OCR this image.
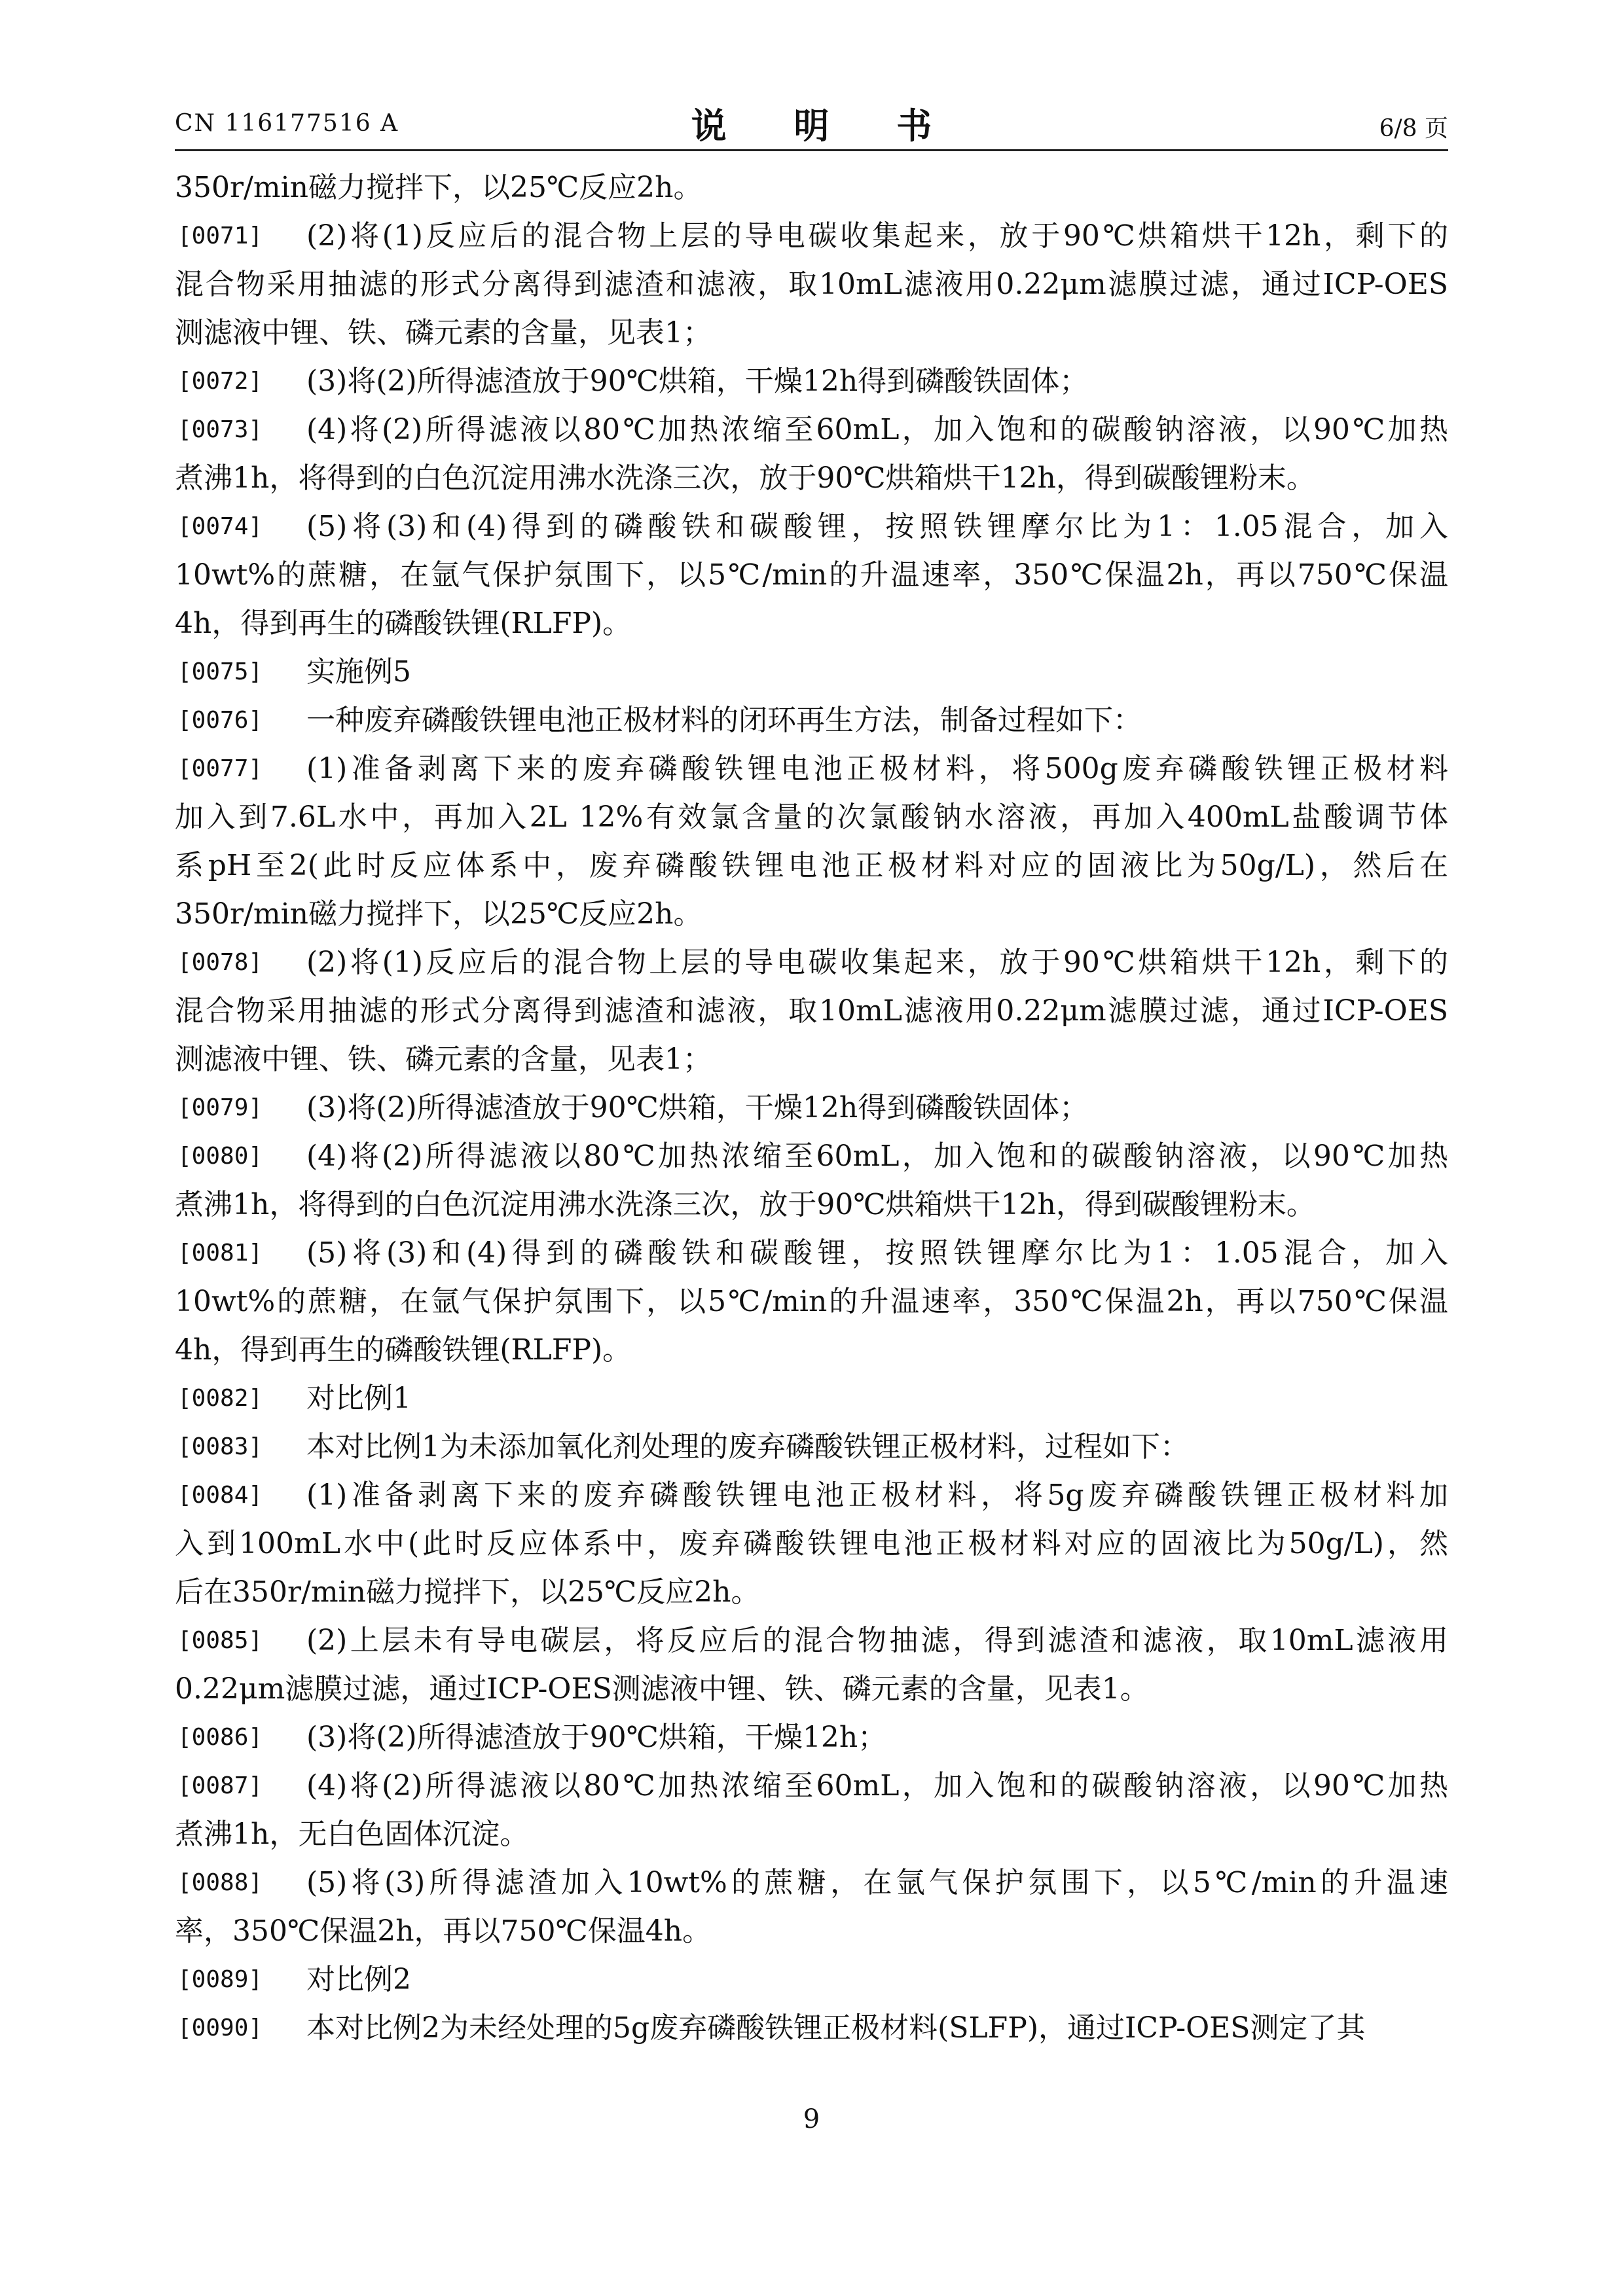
CN 116177516 A	说 明 书	6/8 页
350r/min磁力搅拌下，以25℃反应2h。
[0071] (2)将(1)反应后的混合物上层的导电碳收集起来，放于90℃烘箱烘干12h，剩下的
混合物采用抽滤的形式分离得到滤渣和滤液，取10mL滤液用0.22μm滤膜过滤，通过ICP-OES
测滤液中锂、铁、磷元素的含量，见表1；
[0072] (3)将(2)所得滤渣放于90℃烘箱，干燥12h得到磷酸铁固体；
[0073] (4)将(2)所得滤液以80℃加热浓缩至60mL，加入饱和的碳酸钠溶液，以90℃加热
煮沸1h，将得到的白色沉淀用沸水洗涤三次，放于90℃烘箱烘干12h，得到碳酸锂粉末。
[0074] (5)将(3)和(4)得到的磷酸铁和碳酸锂，按照铁锂摩尔比为1：1.05混合，加入
10wt%的蔗糖，在氩气保护氛围下，以5℃/min的升温速率，350℃保温2h，再以750℃保温
4h，得到再生的磷酸铁锂(RLFP)。
[0075] 实施例5
[0076] 一种废弃磷酸铁锂电池正极材料的闭环再生方法，制备过程如下：
[0077] (1)准备剥离下来的废弃磷酸铁锂电池正极材料，将500g废弃磷酸铁锂正极材料
加入到7.6L水中，再加入2L 12%有效氯含量的次氯酸钠水溶液，再加入400mL盐酸调节体
系pH至2(此时反应体系中，废弃磷酸铁锂电池正极材料对应的固液比为50g/L)，然后在
350r/min磁力搅拌下，以25℃反应2h。
[0078] (2)将(1)反应后的混合物上层的导电碳收集起来，放于90℃烘箱烘干12h，剩下的
混合物采用抽滤的形式分离得到滤渣和滤液，取10mL滤液用0.22μm滤膜过滤，通过ICP-OES
测滤液中锂、铁、磷元素的含量，见表1；
[0079] (3)将(2)所得滤渣放于90℃烘箱，干燥12h得到磷酸铁固体；
[0080] (4)将(2)所得滤液以80℃加热浓缩至60mL，加入饱和的碳酸钠溶液，以90℃加热
煮沸1h，将得到的白色沉淀用沸水洗涤三次，放于90℃烘箱烘干12h，得到碳酸锂粉末。
[0081] (5)将(3)和(4)得到的磷酸铁和碳酸锂，按照铁锂摩尔比为1：1.05混合，加入
10wt%的蔗糖，在氩气保护氛围下，以5℃/min的升温速率，350℃保温2h，再以750℃保温
4h，得到再生的磷酸铁锂(RLFP)。
[0082] 对比例1
[0083] 本对比例1为未添加氧化剂处理的废弃磷酸铁锂正极材料，过程如下：
[0084] (1)准备剥离下来的废弃磷酸铁锂电池正极材料，将5g废弃磷酸铁锂正极材料加
入到100mL水中(此时反应体系中，废弃磷酸铁锂电池正极材料对应的固液比为50g/L)，然
后在350r/min磁力搅拌下，以25℃反应2h。
[0085] (2)上层未有导电碳层，将反应后的混合物抽滤，得到滤渣和滤液，取10mL滤液用
0.22μm滤膜过滤，通过ICP-OES测滤液中锂、铁、磷元素的含量，见表1。
[0086] (3)将(2)所得滤渣放于90℃烘箱，干燥12h；
[0087] (4)将(2)所得滤液以80℃加热浓缩至60mL，加入饱和的碳酸钠溶液，以90℃加热
煮沸1h，无白色固体沉淀。
[0088] (5)将(3)所得滤渣加入10wt%的蔗糖，在氩气保护氛围下，以5℃/min的升温速
率，350℃保温2h，再以750℃保温4h。
[0089] 对比例2
[0090] 本对比例2为未经处理的5g废弃磷酸铁锂正极材料(SLFP)，通过ICP-OES测定了其
9
